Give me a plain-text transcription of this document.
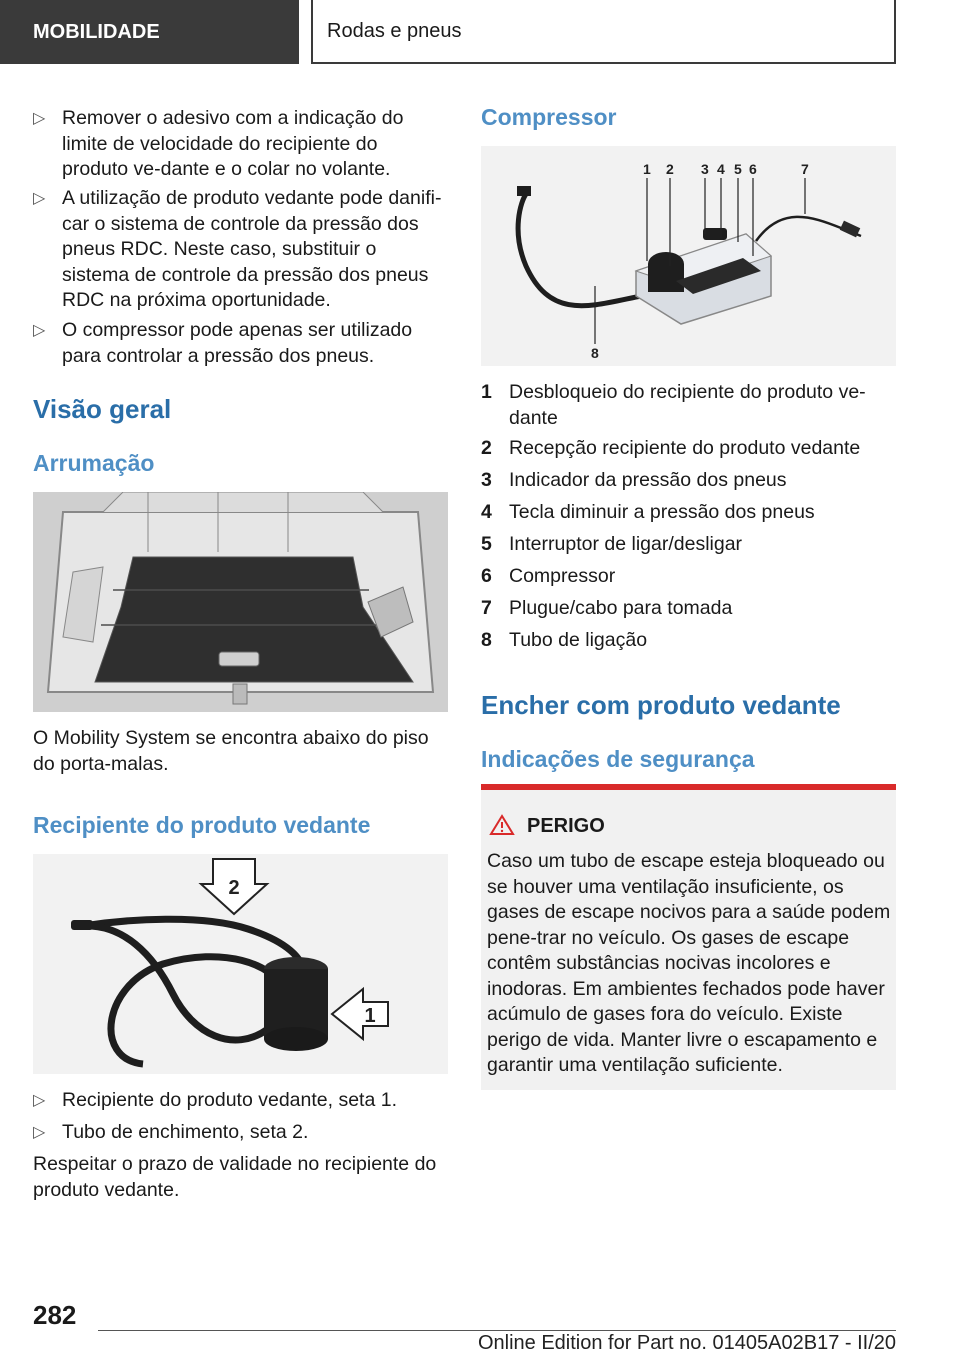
MOBILIDADE	Rodas e pneus
▷ Remover o adesivo com a indicação do limite de velocidade do recipiente do produto ve‐dante e o colar no volante.
▷ A utilização de produto vedante pode danifi‐car o sistema de controle da pressão dos pneus RDC. Neste caso, substituir o sistema de controle da pressão dos pneus RDC na próxima oportunidade.
▷ O compressor pode apenas ser utilizado para controlar a pressão dos pneus.
Visão geral
Arrumação
O Mobility System se encontra abaixo do piso do porta-malas.
Recipiente do produto vedante
2
1
▷ Recipiente do produto vedante, seta 1.
▷ Tubo de enchimento, seta 2.
Respeitar o prazo de validade no recipiente do produto vedante.
Compressor
1 2 3 4 5 6	7
8
1 Desbloqueio do recipiente do produto ve‐dante
2 Recepção recipiente do produto vedante
3 Indicador da pressão dos pneus
4 Tecla diminuir a pressão dos pneus
5 Interruptor de ligar/desligar
6 Compressor
7 Plugue/cabo para tomada
8 Tubo de ligação
Encher com produto vedante
Indicações de segurança
PERIGO
Caso um tubo de escape esteja bloqueado ou se houver uma ventilação insuficiente, os gases de escape nocivos para a saúde podem pene‐trar no veículo. Os gases de escape contêm substâncias nocivas incolores e inodoras. Em ambientes fechados pode haver acúmulo de gases fora do veículo. Existe perigo de vida. Manter livre o escapamento e garantir uma ventilação suficiente.
282
Online Edition for Part no. 01405A02B17 - II/20
